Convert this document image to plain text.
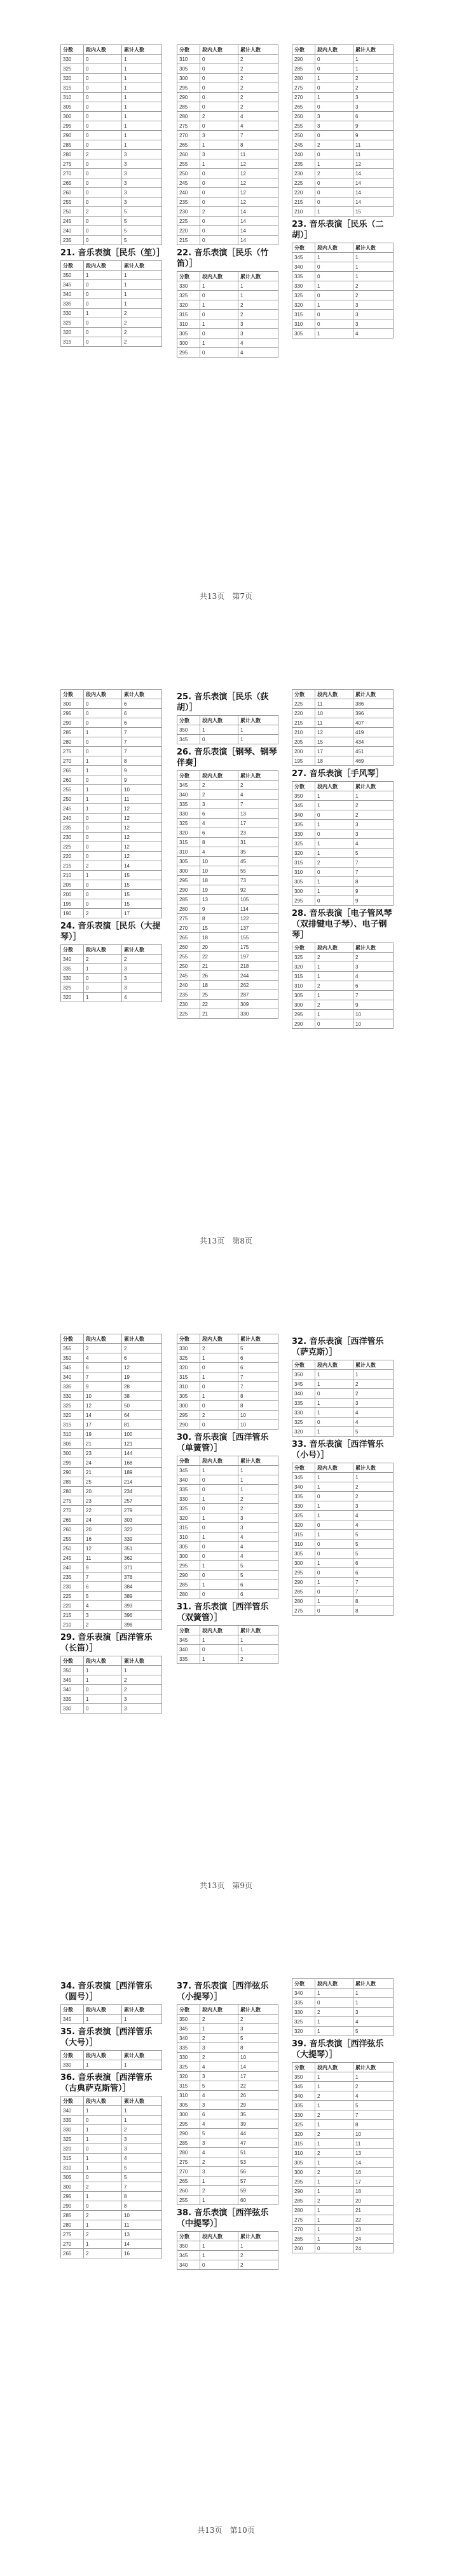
分数	段内人数	累计人数
330	0	1
325	0	1
320	0	1
315	0	1
310	0	1
305	0	1
300	0	1
295	0	1
290	0	1
285	0	1
280	2	3
275	0	3
270	0	3
265	0	3
260	0	3
255	0	3
250	2	5
245	0	5
240	0	5
235	0	5
21. 音乐表演［民乐（笙）］
分数	段内人数	累计人数
350	1	1
345	0	1
340	0	1
335	0	1
330	1	2
325	0	2
320	0	2
315	0	2
分数	段内人数	累计人数
310	0	2
305	0	2
300	0	2
295	0	2
290	0	2
285	0	2
280	2	4
275	0	4
270	3	7
265	1	8
260	3	11
255	1	12
250	0	12
245	0	12
240	0	12
235	0	12
230	2	14
225	0	14
220	0	14
215	0	14
22. 音乐表演［民乐（竹笛）］
分数	段内人数	累计人数
330	1	1
325	0	1
320	1	2
315	0	2
310	1	3
305	0	3
300	1	4
295	0	4
分数	段内人数	累计人数
290	0	1
285	0	1
280	1	2
275	0	2
270	1	3
265	0	3
260	3	6
255	3	9
250	0	9
245	2	11
240	0	11
235	1	12
230	2	14
225	0	14
220	0	14
215	0	14
210	1	15
23. 音乐表演［民乐（二胡）］
分数	段内人数	累计人数
345	1	1
340	0	1
335	0	1
330	1	2
325	0	2
320	1	3
315	0	3
310	0	3
305	1	4
共13页　第7页
分数	段内人数	累计人数
300	0	6
295	0	6
290	0	6
285	1	7
280	0	7
275	0	7
270	1	8
265	1	9
260	0	9
255	1	10
250	1	11
245	1	12
240	0	12
235	0	12
230	0	12
225	0	12
220	0	12
215	2	14
210	1	15
205	0	15
200	0	15
195	0	15
190	2	17
24. 音乐表演［民乐（大提琴）］
分数	段内人数	累计人数
340	2	2
335	1	3
330	0	3
325	0	3
320	1	4
25. 音乐表演［民乐（荻胡）］
分数	段内人数	累计人数
350	1	1
345	0	1
26. 音乐表演［钢琴、钢琴伴奏］
分数	段内人数	累计人数
345	2	2
340	2	4
335	3	7
330	6	13
325	4	17
320	6	23
315	8	31
310	4	35
305	10	45
300	10	55
295	18	73
290	19	92
285	13	105
280	9	114
275	8	122
270	15	137
265	18	155
260	20	175
255	22	197
250	21	218
245	26	244
240	18	262
235	25	287
230	22	309
225	21	330
分数	段内人数	累计人数
225	11	386
220	10	396
215	11	407
210	12	419
205	15	434
200	17	451
195	18	469
27. 音乐表演［手风琴］
分数	段内人数	累计人数
350	1	1
345	1	2
340	0	2
335	1	3
330	0	3
325	1	4
320	1	5
315	2	7
310	0	7
305	1	8
300	1	9
295	0	9
28. 音乐表演［电子管风琴（双排键电子琴）、电子钢琴］
分数	段内人数	累计人数
325	2	2
320	1	3
315	1	4
310	2	6
305	1	7
300	2	9
295	1	10
290	0	10
共13页　第8页
分数	段内人数	累计人数
355	2	2
350	4	6
345	6	12
340	7	19
335	9	28
330	10	38
325	12	50
320	14	64
315	17	81
310	19	100
305	21	121
300	23	144
295	24	168
290	21	189
285	25	214
280	20	234
275	23	257
270	22	279
265	24	303
260	20	323
255	16	339
250	12	351
245	11	362
240	9	371
235	7	378
230	6	384
225	5	389
220	4	393
215	3	396
210	2	398
29. 音乐表演［西洋管乐（长笛）］
分数	段内人数	累计人数
350	1	1
345	1	2
340	0	2
335	1	3
330	0	3
分数	段内人数	累计人数
330	2	5
325	1	6
320	0	6
315	1	7
310	0	7
305	1	8
300	0	8
295	2	10
290	0	10
30. 音乐表演［西洋管乐（单簧管）］
分数	段内人数	累计人数
345	1	1
340	0	1
335	0	1
330	1	2
325	0	2
320	1	3
315	0	3
310	1	4
305	0	4
300	0	4
295	1	5
290	0	5
285	1	6
280	0	6
31. 音乐表演［西洋管乐（双簧管）］
分数	段内人数	累计人数
345	1	1
340	0	1
335	1	2
32. 音乐表演［西洋管乐（萨克斯）］
分数	段内人数	累计人数
350	1	1
345	1	2
340	0	2
335	1	3
330	1	4
325	0	4
320	1	5
33. 音乐表演［西洋管乐（小号）］
分数	段内人数	累计人数
345	1	1
340	1	2
335	0	2
330	1	3
325	1	4
320	0	4
315	1	5
310	0	5
305	0	5
300	1	6
295	0	6
290	1	7
285	0	7
280	1	8
275	0	8
共13页　第9页
34. 音乐表演［西洋管乐（圆号）］
分数	段内人数	累计人数
345	1	1
35. 音乐表演［西洋管乐（大号）］
分数	段内人数	累计人数
330	1	1
36. 音乐表演［西洋管乐（古典萨克斯管）］
分数	段内人数	累计人数
340	1	1
335	0	1
330	1	2
325	1	3
320	0	3
315	1	4
310	1	5
305	0	5
300	2	7
295	1	8
290	0	8
285	2	10
280	1	11
275	2	13
270	1	14
265	2	16
37. 音乐表演［西洋弦乐（小提琴）］
分数	段内人数	累计人数
350	2	2
345	1	3
340	2	5
335	3	8
330	2	10
325	4	14
320	3	17
315	5	22
310	4	26
305	3	29
300	6	35
295	4	39
290	5	44
285	3	47
280	4	51
275	2	53
270	3	56
265	1	57
260	2	59
255	1	60
38. 音乐表演［西洋弦乐（中提琴）］
分数	段内人数	累计人数
350	1	1
345	1	2
340	0	2
分数	段内人数	累计人数
340	1	1
335	0	1
330	2	3
325	1	4
320	1	5
39. 音乐表演［西洋弦乐（大提琴）］
分数	段内人数	累计人数
350	1	1
345	1	2
340	2	4
335	1	5
330	2	7
325	1	8
320	2	10
315	1	11
310	2	13
305	1	14
300	2	16
295	1	17
290	1	18
285	2	20
280	1	21
275	1	22
270	1	23
265	1	24
260	0	24
共13页　第10页
